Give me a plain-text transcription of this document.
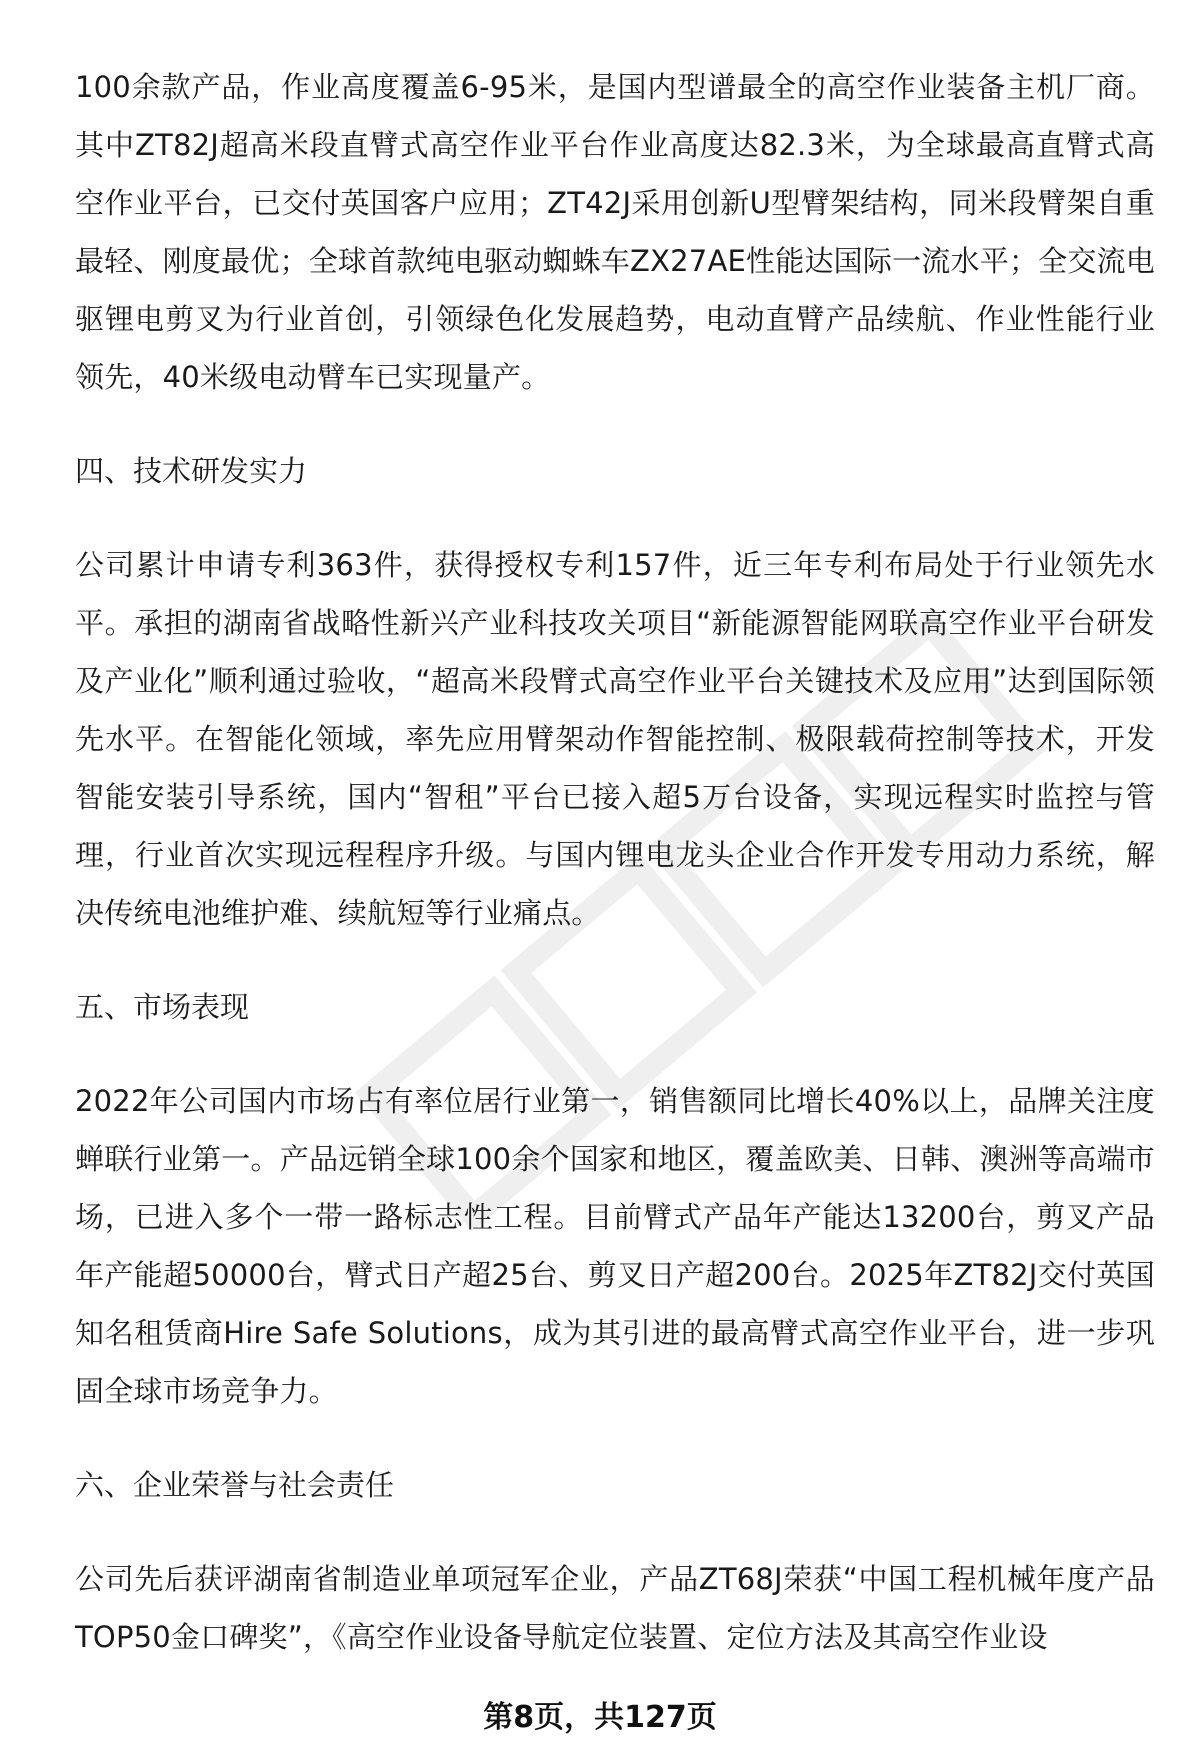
100余款产品，作业高度覆盖6-95米，是国内型谱最全的高空作业装备主机厂商。其中ZT82J超高米段直臂式高空作业平台作业高度达82.3米，为全球最高直臂式高空作业平台，已交付英国客户应用；ZT42J采用创新U型臂架结构，同米段臂架自重最轻、刚度最优；全球首款纯电驱动蜘蛛车ZX27AE性能达国际一流水平；全交流电驱锂电剪叉为行业首创，引领绿色化发展趋势，电动直臂产品续航、作业性能行业领先，40米级电动臂车已实现量产。

四、技术研发实力

公司累计申请专利363件，获得授权专利157件，近三年专利布局处于行业领先水平。承担的湖南省战略性新兴产业科技攻关项目“新能源智能网联高空作业平台研发及产业化”顺利通过验收，“超高米段臂式高空作业平台关键技术及应用”达到国际领先水平。在智能化领域，率先应用臂架动作智能控制、极限载荷控制等技术，开发智能安装引导系统，国内“智租”平台已接入超5万台设备，实现远程实时监控与管理，行业首次实现远程程序升级。与国内锂电龙头企业合作开发专用动力系统，解决传统电池维护难、续航短等行业痛点。

五、市场表现

2022年公司国内市场占有率位居行业第一，销售额同比增长40%以上，品牌关注度蝉联行业第一。产品远销全球100余个国家和地区，覆盖欧美、日韩、澳洲等高端市场，已进入多个一带一路标志性工程。目前臂式产品年产能达13200台，剪叉产品年产能超50000台，臂式日产超25台、剪叉日产超200台。2025年ZT82J交付英国知名租赁商Hire Safe Solutions，成为其引进的最高臂式高空作业平台，进一步巩固全球市场竞争力。

六、企业荣誉与社会责任

公司先后获评湖南省制造业单项冠军企业，产品ZT68J荣获“中国工程机械年度产品TOP50金口碑奖”，《高空作业设备导航定位装置、定位方法及其高空作业设

第8页，共127页
